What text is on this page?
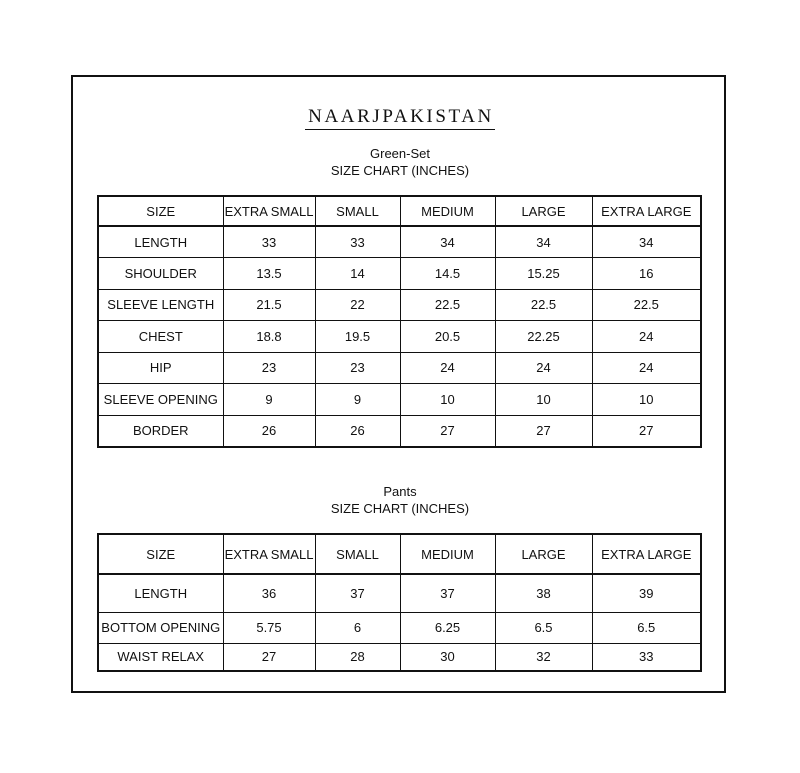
NAARJPAKISTAN
Green-Set
SIZE CHART (INCHES)
SIZE	EXTRA SMALL	SMALL	MEDIUM	LARGE	EXTRA LARGE
LENGTH	33	33	34	34	34
SHOULDER	13.5	14	14.5	15.25	16
SLEEVE LENGTH	21.5	22	22.5	22.5	22.5
CHEST	18.8	19.5	20.5	22.25	24
HIP	23	23	24	24	24
SLEEVE OPENING	9	9	10	10	10
BORDER	26	26	27	27	27
Pants
SIZE CHART (INCHES)
SIZE	EXTRA SMALL	SMALL	MEDIUM	LARGE	EXTRA LARGE
LENGTH	36	37	37	38	39
BOTTOM OPENING	5.75	6	6.25	6.5	6.5
WAIST RELAX	27	28	30	32	33
